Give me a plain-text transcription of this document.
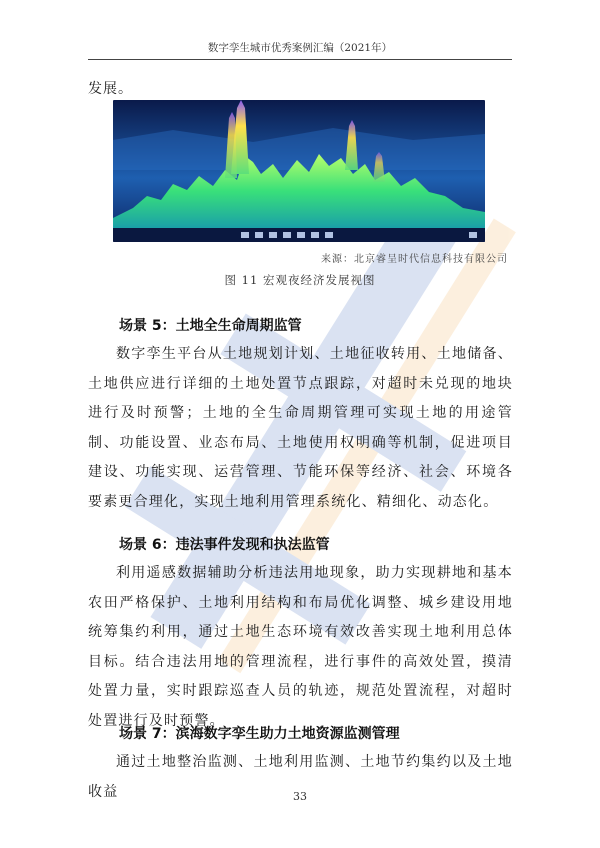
数字孪生城市优秀案例汇编（2021年）
发展。
来源：北京睿呈时代信息科技有限公司
图 11 宏观夜经济发展视图
场景 5：土地全生命周期监管

数字孪生平台从土地规划计划、土地征收转用、土地储备、土地供应进行详细的土地处置节点跟踪，对超时未兑现的地块进行及时预警；土地的全生命周期管理可实现土地的用途管制、功能设置、业态布局、土地使用权明确等机制，促进项目建设、功能实现、运营管理、节能环保等经济、社会、环境各要素更合理化，实现土地利用管理系统化、精细化、动态化。

场景 6：违法事件发现和执法监管

利用遥感数据辅助分析违法用地现象，助力实现耕地和基本农田严格保护、土地利用结构和布局优化调整、城乡建设用地统筹集约利用，通过土地生态环境有效改善实现土地利用总体目标。结合违法用地的管理流程，进行事件的高效处置，摸清处置力量，实时跟踪巡查人员的轨迹，规范处置流程，对超时处置进行及时预警。

场景 7：滨海数字孪生助力土地资源监测管理

通过土地整治监测、土地利用监测、土地节约集约以及土地收益	33
